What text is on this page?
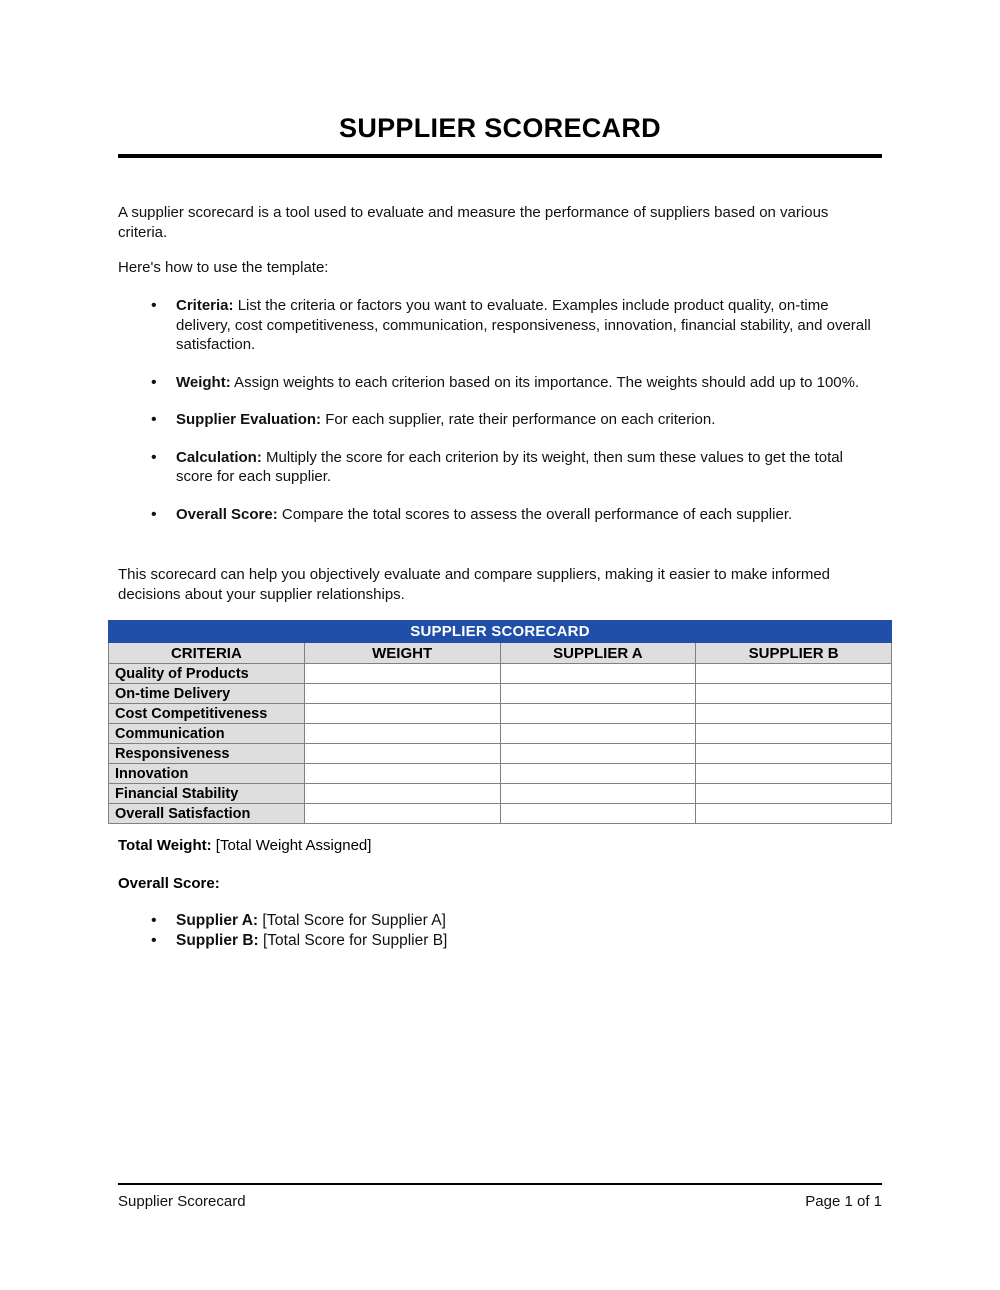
SUPPLIER SCORECARD
A supplier scorecard is a tool used to evaluate and measure the performance of suppliers based on various criteria.
Here's how to use the template:
• Criteria: List the criteria or factors you want to evaluate. Examples include product quality, on-time delivery, cost competitiveness, communication, responsiveness, innovation, financial stability, and overall satisfaction.
• Weight: Assign weights to each criterion based on its importance. The weights should add up to 100%.
• Supplier Evaluation: For each supplier, rate their performance on each criterion.
• Calculation: Multiply the score for each criterion by its weight, then sum these values to get the total score for each supplier.
• Overall Score: Compare the total scores to assess the overall performance of each supplier.
This scorecard can help you objectively evaluate and compare suppliers, making it easier to make informed decisions about your supplier relationships.
SUPPLIER SCORECARD			
CRITERIA	WEIGHT	SUPPLIER A	SUPPLIER B
Quality of Products			
On-time Delivery			
Cost Competitiveness			
Communication			
Responsiveness			
Innovation			
Financial Stability			
Overall Satisfaction			
Total Weight: [Total Weight Assigned]
Overall Score:
• Supplier A: [Total Score for Supplier A]
• Supplier B: [Total Score for Supplier B]
Supplier Scorecard	Page 1 of 1
